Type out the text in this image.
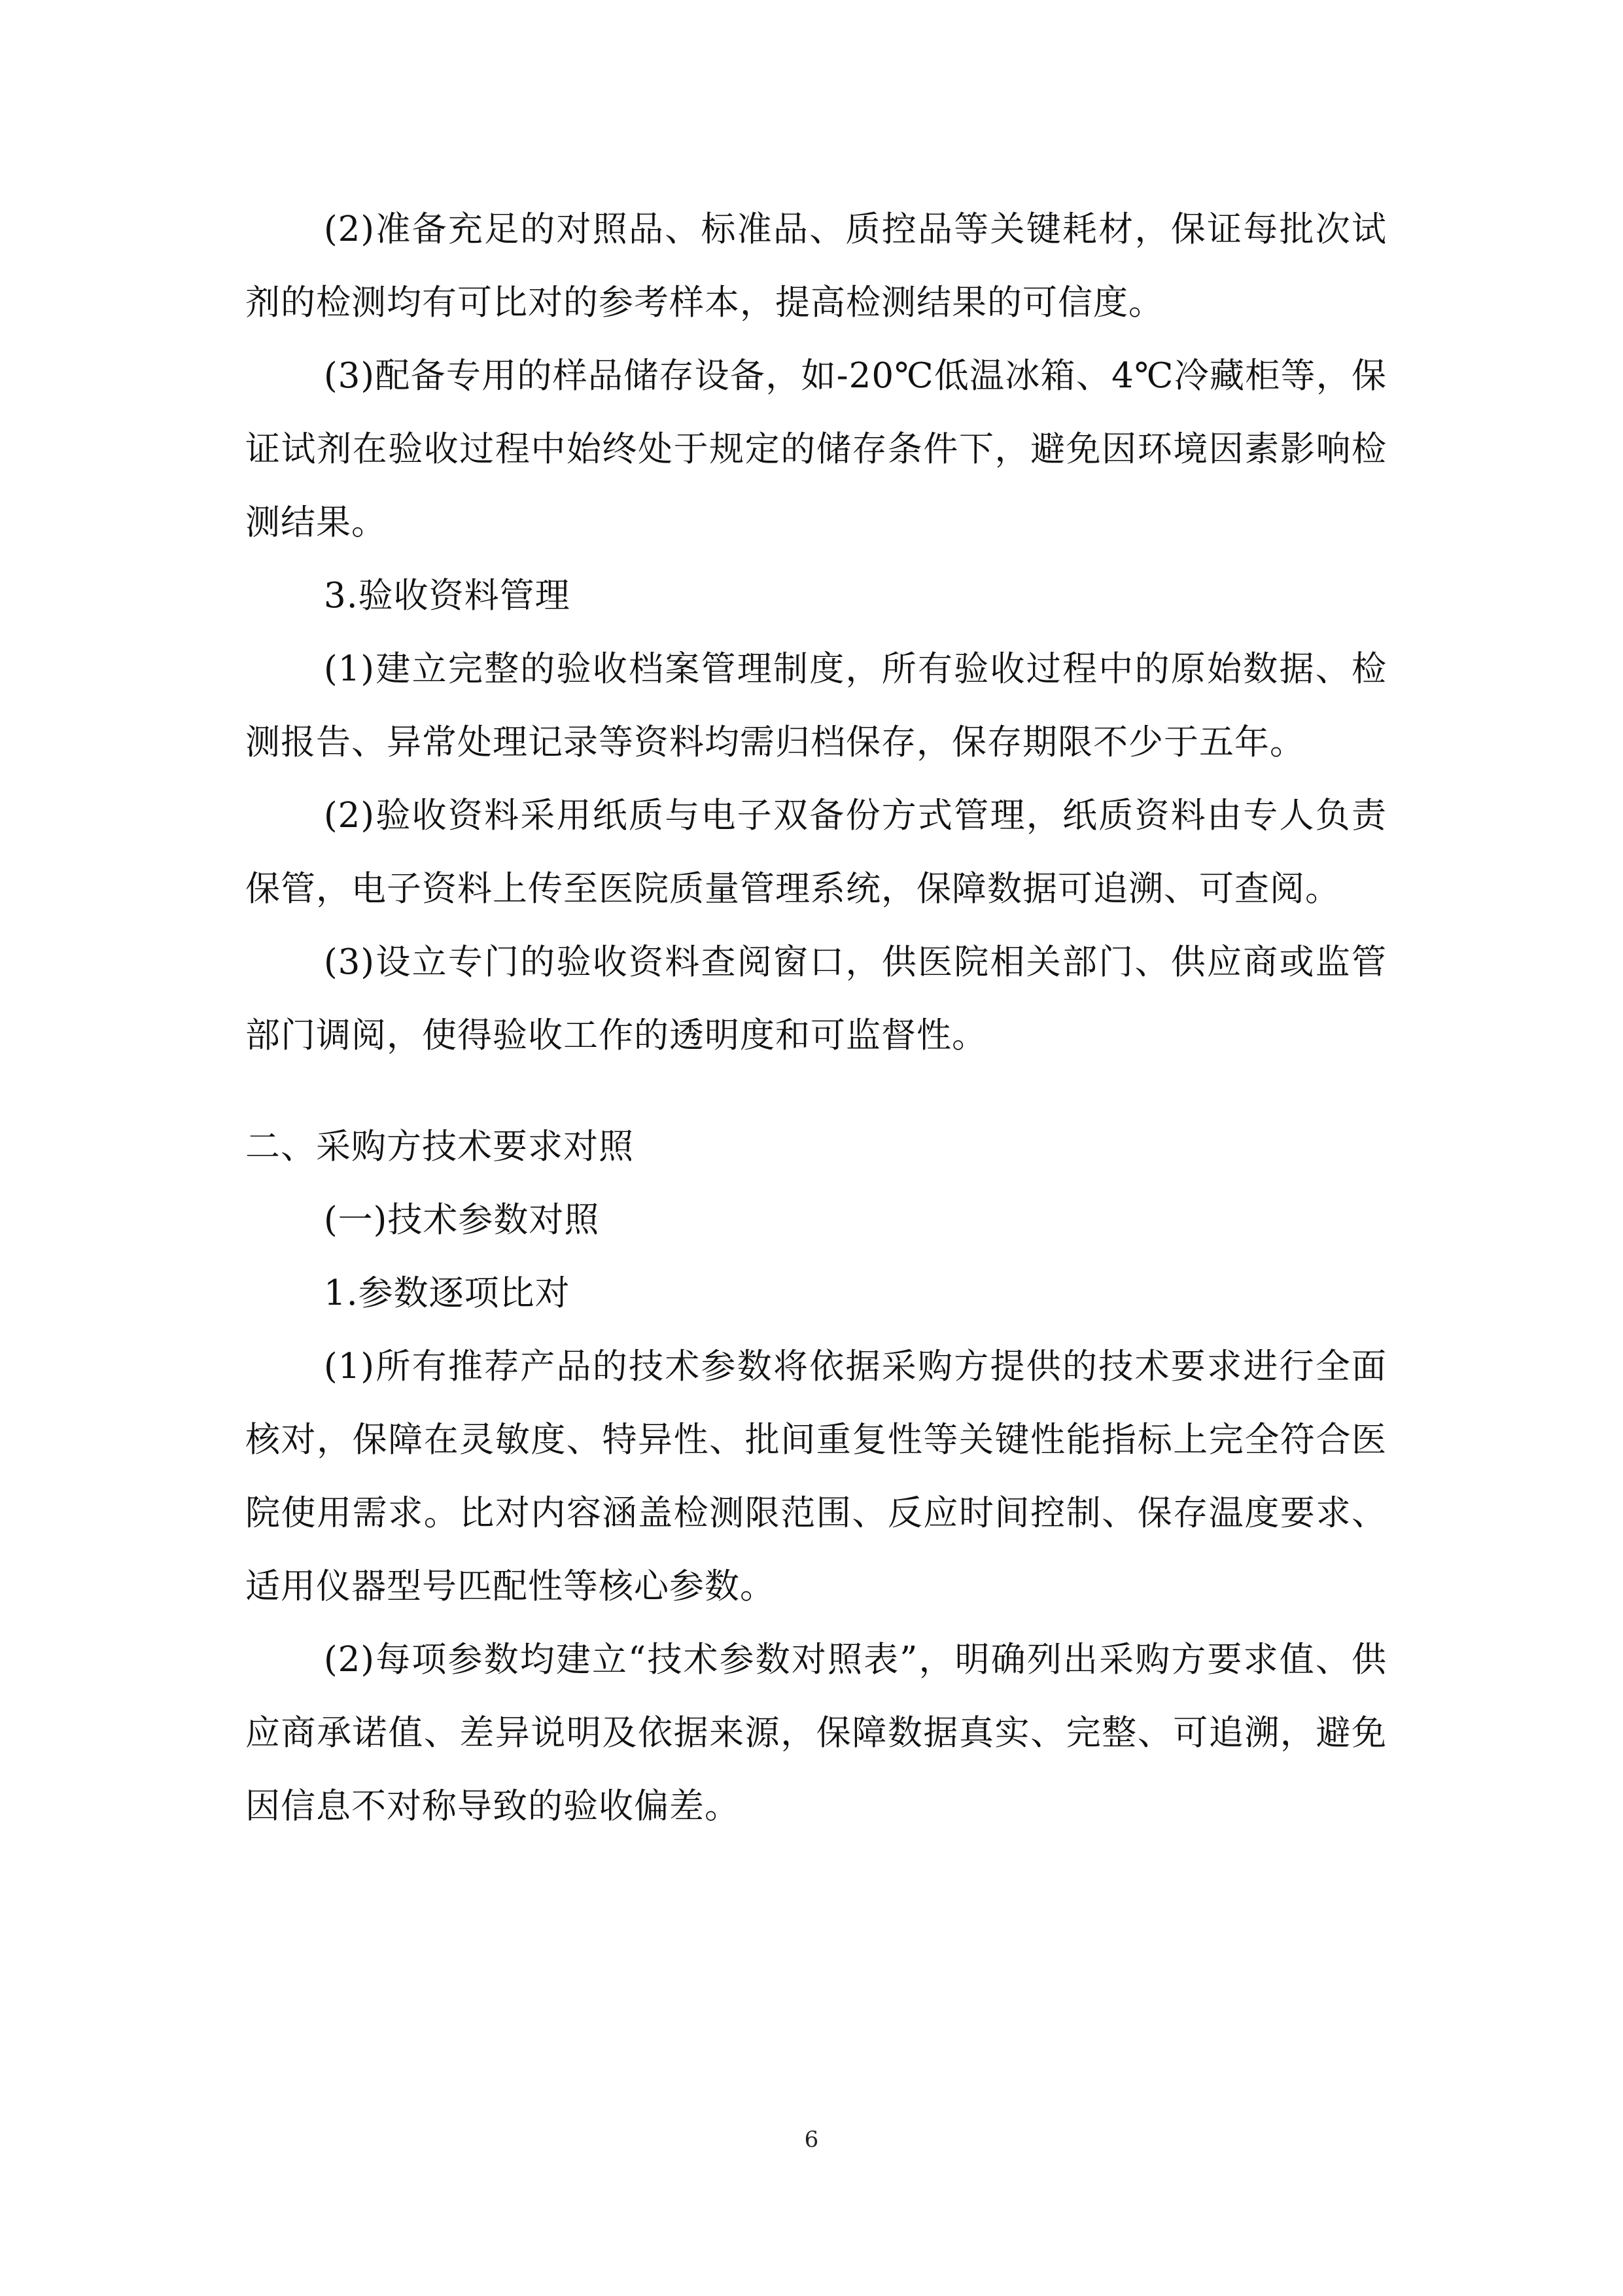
(2)准备充足的对照品、标准品、质控品等关键耗材，保证每批次试剂的检测均有可比对的参考样本，提高检测结果的可信度。

(3)配备专用的样品储存设备，如-20℃低温冰箱、4℃冷藏柜等，保证试剂在验收过程中始终处于规定的储存条件下，避免因环境因素影响检测结果。

3.验收资料管理

(1)建立完整的验收档案管理制度，所有验收过程中的原始数据、检测报告、异常处理记录等资料均需归档保存，保存期限不少于五年。

(2)验收资料采用纸质与电子双备份方式管理，纸质资料由专人负责保管，电子资料上传至医院质量管理系统，保障数据可追溯、可查阅。

(3)设立专门的验收资料查阅窗口，供医院相关部门、供应商或监管部门调阅，使得验收工作的透明度和可监督性。

二、采购方技术要求对照

(一)技术参数对照

1.参数逐项比对

(1)所有推荐产品的技术参数将依据采购方提供的技术要求进行全面核对，保障在灵敏度、特异性、批间重复性等关键性能指标上完全符合医院使用需求。比对内容涵盖检测限范围、反应时间控制、保存温度要求、适用仪器型号匹配性等核心参数。

(2)每项参数均建立“技术参数对照表”，明确列出采购方要求值、供应商承诺值、差异说明及依据来源，保障数据真实、完整、可追溯，避免因信息不对称导致的验收偏差。

6
